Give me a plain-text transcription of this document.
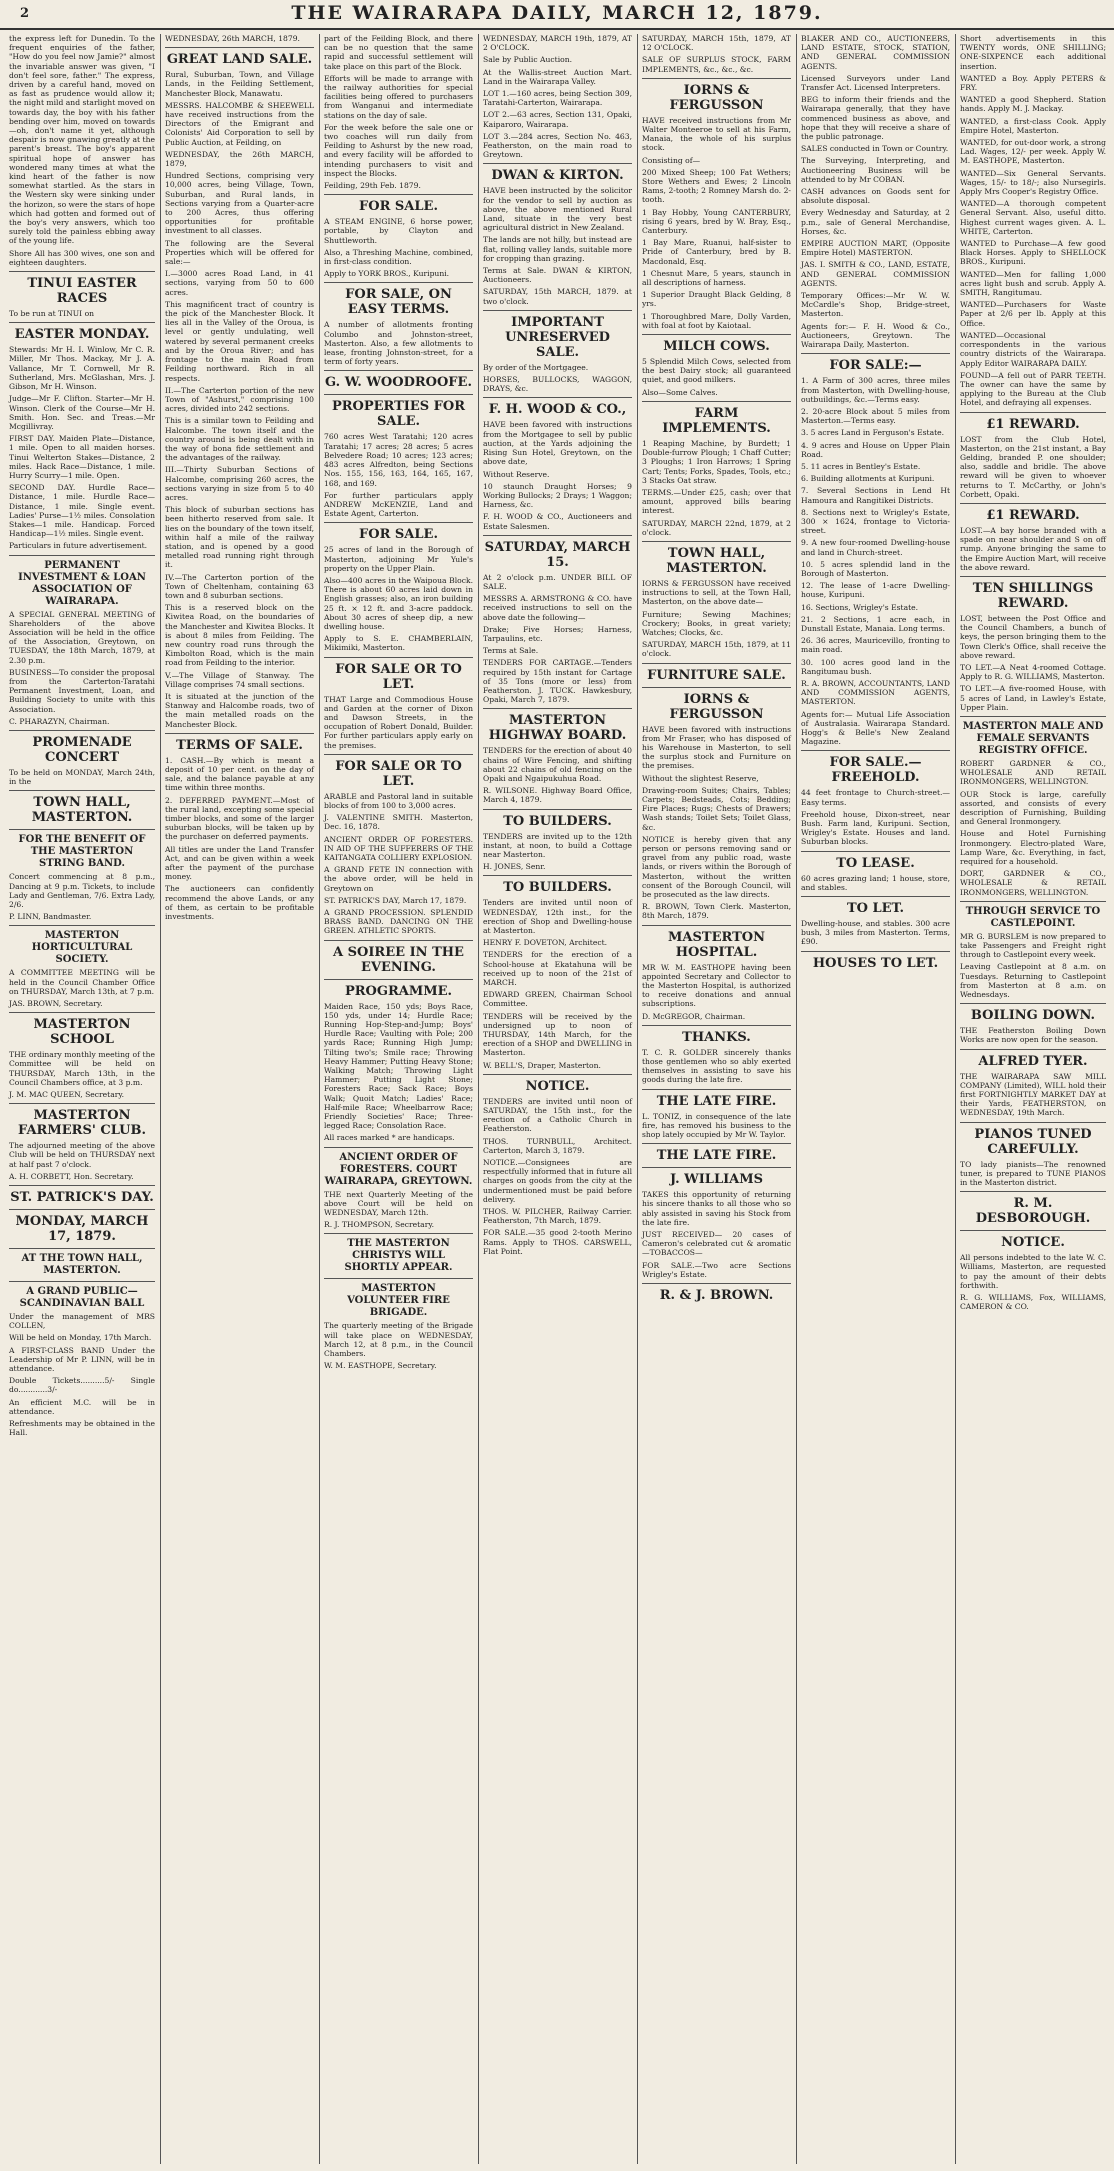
2	THE WAIRARAPA DAILY, MARCH 12, 1879.

the express left for Dunedin. To the frequent enquiries of the father, "How do you feel now Jamie?" almost the invariable answer was given, "I don't feel sore, father." The express, driven by a careful hand, moved on as fast as prudence would allow it; the night mild and starlight moved on towards day, the boy with his father bending over him, moved on towards—oh, don't name it yet, although despair is now gnawing greatly at the parent's breast. The boy's apparent spiritual hope of answer has wondered many times at what the kind heart of the father is now somewhat startled. As the stars in the Western sky were sinking under the horizon, so were the stars of hope which had gotten and formed out of the boy's very answers, which too surely told the painless ebbing away of the young life.

Shore All has 300 wives, one son and eighteen daughters.

TINUI EASTER RACES

To be run at TINUI on

EASTER MONDAY.

Stewards: Mr H. I. Winlow, Mr C. R. Miller, Mr Thos. Mackay, Mr J. A. Vallance, Mr T. Cornwell, Mr R. Sutherland, Mrs. McGlashan, Mrs. J. Gibson, Mr H. Winson.

Judge—Mr F. Clifton. Starter—Mr H. Winson. Clerk of the Course—Mr H. Smith. Hon. Sec. and Treas.—Mr Mcgillivray.

FIRST DAY. Maiden Plate—Distance, 1 mile. Open to all maiden horses. Tinui Welterton Stakes—Distance, 2 miles. Hack Race—Distance, 1 mile. Hurry Scurry—1 mile. Open.

SECOND DAY. Hurdle Race—Distance, 1 mile. Hurdle Race—Distance, 1 mile. Single event. Ladies' Purse—1½ miles. Consolation Stakes—1 mile. Handicap. Forced Handicap—1½ miles. Single event.

Particulars in future advertisement.

PERMANENT INVESTMENT & LOAN ASSOCIATION OF WAIRARAPA.

A SPECIAL GENERAL MEETING of Shareholders of the above Association will be held in the office of the Association, Greytown, on TUESDAY, the 18th March, 1879, at 2.30 p.m.

BUSINESS—To consider the proposal from the Carterton-Taratahi Permanent Investment, Loan, and Building Society to unite with this Association.

C. PHARAZYN, Chairman.

PROMENADE CONCERT

To be held on MONDAY, March 24th, in the

TOWN HALL, MASTERTON.

FOR THE BENEFIT OF THE MASTERTON STRING BAND.

Concert commencing at 8 p.m., Dancing at 9 p.m. Tickets, to include Lady and Gentleman, 7/6. Extra Lady, 2/6.

P. LINN, Bandmaster.

MASTERTON HORTICULTURAL SOCIETY.

A COMMITTEE MEETING will be held in the Council Chamber Office on THURSDAY, March 13th, at 7 p.m.

JAS. BROWN, Secretary.

MASTERTON SCHOOL

THE ordinary monthly meeting of the Committee will be held on THURSDAY, March 13th, in the Council Chambers office, at 3 p.m.

J. M. MAC QUEEN, Secretary.

MASTERTON FARMERS' CLUB.

The adjourned meeting of the above Club will be held on THURSDAY next at half past 7 o'clock.

A. H. CORBETT, Hon. Secretary.

ST. PATRICK'S DAY.

MONDAY, MARCH 17, 1879.

AT THE TOWN HALL, MASTERTON.

A GRAND PUBLIC— SCANDINAVIAN BALL

Under the management of MRS COLLEN,

Will be held on Monday, 17th March.

A FIRST-CLASS BAND Under the Leadership of Mr P. LINN, will be in attendance.

Double Tickets..........5/- Single do............3/-

An efficient M.C. will be in attendance.

Refreshments may be obtained in the Hall.

WEDNESDAY, 26th MARCH, 1879.

GREAT LAND SALE.

Rural, Suburban, Town, and Village Lands, in the Feilding Settlement, Manchester Block, Manawatu.

MESSRS. HALCOMBE & SHEEWELL have received instructions from the Directors of the Emigrant and Colonists' Aid Corporation to sell by Public Auction, at Feilding, on

WEDNESDAY, the 26th MARCH, 1879,

Hundred Sections, comprising very 10,000 acres, being Village, Town, Suburban, and Rural lands, in Sections varying from a Quarter-acre to 200 Acres, thus offering opportunities for profitable investment to all classes.

The following are the Several Properties which will be offered for sale:—

I.—3000 acres Road Land, in 41 sections, varying from 50 to 600 acres.

This magnificent tract of country is the pick of the Manchester Block. It lies all in the Valley of the Oroua, is level or gently undulating, well watered by several permanent creeks and by the Oroua River; and has frontage to the main Road from Feilding northward. Rich in all respects.

II.—The Carterton portion of the new Town of "Ashurst," comprising 100 acres, divided into 242 sections.

This is a similar town to Feilding and Halcombe. The town itself and the country around is being dealt with in the way of bona fide settlement and the advantages of the railway.

III.—Thirty Suburban Sections of Halcombe, comprising 260 acres, the sections varying in size from 5 to 40 acres.

This block of suburban sections has been hitherto reserved from sale. It lies on the boundary of the town itself, within half a mile of the railway station, and is opened by a good metalled road running right through it.

IV.—The Carterton portion of the Town of Cheltenham, containing 63 town and 8 suburban sections.

This is a reserved block on the Kiwitea Road, on the boundaries of the Manchester and Kiwitea Blocks. It is about 8 miles from Feilding. The new country road runs through the Kimbolton Road, which is the main road from Feilding to the interior.

V.—The Village of Stanway. The Village comprises 74 small sections.

It is situated at the junction of the Stanway and Halcombe roads, two of the main metalled roads on the Manchester Block.

TERMS OF SALE.

1. CASH.—By which is meant a deposit of 10 per cent. on the day of sale, and the balance payable at any time within three months.

2. DEFERRED PAYMENT.—Most of the rural land, excepting some special timber blocks, and some of the larger suburban blocks, will be taken up by the purchaser on deferred payments.

All titles are under the Land Transfer Act, and can be given within a week after the payment of the purchase money.

The auctioneers can confidently recommend the above Lands, or any of them, as certain to be profitable investments.

part of the Feilding Block, and there can be no question that the same rapid and successful settlement will take place on this part of the Block.

Efforts will be made to arrange with the railway authorities for special facilities being offered to purchasers from Wanganui and intermediate stations on the day of sale.

For the week before the sale one or two coaches will run daily from Feilding to Ashurst by the new road, and every facility will be afforded to intending purchasers to visit and inspect the Blocks.

Feilding, 29th Feb. 1879.

FOR SALE.

A STEAM ENGINE, 6 horse power, portable, by Clayton and Shuttleworth.

Also, a Threshing Machine, combined, in first-class condition.

Apply to YORK BROS., Kuripuni.

FOR SALE, ON EASY TERMS.

A number of allotments fronting Columbo and Johnston-street, Masterton. Also, a few allotments to lease, fronting Johnston-street, for a term of forty years.

G. W. WOODROOFE.

PROPERTIES FOR SALE.

760 acres West Taratahi; 120 acres Taratahi; 17 acres; 28 acres; 5 acres Belvedere Road; 10 acres; 123 acres; 483 acres Alfredton, being Sections Nos. 155, 156, 163, 164, 165, 167, 168, and 169.

For further particulars apply ANDREW McKENZIE, Land and Estate Agent, Carterton.

FOR SALE.

25 acres of land in the Borough of Masterton, adjoining Mr Yule's property on the Upper Plain.

Also—400 acres in the Waipoua Block. There is about 60 acres laid down in English grasses; also, an iron building 25 ft. × 12 ft. and 3-acre paddock. About 30 acres of sheep dip, a new dwelling house.

Apply to S. E. CHAMBERLAIN, Mikimiki, Masterton.

FOR SALE OR TO LET.

THAT Large and Commodious House and Garden at the corner of Dixon and Dawson Streets, in the occupation of Robert Donald, Builder. For further particulars apply early on the premises.

FOR SALE OR TO LET.

ARABLE and Pastoral land in suitable blocks of from 100 to 3,000 acres.

J. VALENTINE SMITH. Masterton, Dec. 16, 1878.

ANCIENT ORDER OF FORESTERS. IN AID OF THE SUFFERERS OF THE KAITANGATA COLLIERY EXPLOSION.

A GRAND FETE IN connection with the above order, will be held in Greytown on

ST. PATRICK'S DAY, March 17, 1879.

A GRAND PROCESSION. SPLENDID BRASS BAND. DANCING ON THE GREEN. ATHLETIC SPORTS.

A SOIREE IN THE EVENING.

PROGRAMME.

Maiden Race, 150 yds; Boys Race, 150 yds, under 14; Hurdle Race; Running Hop-Step-and-Jump; Boys' Hurdle Race; Vaulting with Pole; 200 yards Race; Running High Jump; Tilting two's; Smile race; Throwing Heavy Hammer; Putting Heavy Stone; Walking Match; Throwing Light Hammer; Putting Light Stone; Foresters Race; Sack Race; Boys Walk; Quoit Match; Ladies' Race; Half-mile Race; Wheelbarrow Race; Friendly Societies' Race; Three-legged Race; Consolation Race.

All races marked * are handicaps.

ANCIENT ORDER OF FORESTERS. COURT WAIRARAPA, GREYTOWN.

THE next Quarterly Meeting of the above Court will be held on WEDNESDAY, March 12th.

R. J. THOMPSON, Secretary.

THE MASTERTON CHRISTYS WILL SHORTLY APPEAR.

MASTERTON VOLUNTEER FIRE BRIGADE.

The quarterly meeting of the Brigade will take place on WEDNESDAY, March 12, at 8 p.m., in the Council Chambers.

W. M. EASTHOPE, Secretary.

WEDNESDAY, MARCH 19th, 1879, AT 2 O'CLOCK.

Sale by Public Auction.

At the Wallis-street Auction Mart. Land in the Wairarapa Valley.

LOT 1.—160 acres, being Section 309, Taratahi-Carterton, Wairarapa.

LOT 2.—63 acres, Section 131, Opaki, Kaiparoro, Wairarapa.

LOT 3.—284 acres, Section No. 463, Featherston, on the main road to Greytown.

DWAN & KIRTON.

HAVE been instructed by the solicitor for the vendor to sell by auction as above, the above mentioned Rural Land, situate in the very best agricultural district in New Zealand.

The lands are not hilly, but instead are flat, rolling valley lands, suitable more for cropping than grazing.

Terms at Sale. DWAN & KIRTON, Auctioneers.

SATURDAY, 15th MARCH, 1879. at two o'clock.

IMPORTANT UNRESERVED SALE.

By order of the Mortgagee.

HORSES, BULLOCKS, WAGGON, DRAYS, &c.

F. H. WOOD & CO.,

HAVE been favored with instructions from the Mortgagee to sell by public auction, at the Yards adjoining the Rising Sun Hotel, Greytown, on the above date,

Without Reserve.

10 staunch Draught Horses; 9 Working Bullocks; 2 Drays; 1 Waggon; Harness, &c.

F. H. WOOD & CO., Auctioneers and Estate Salesmen.

SATURDAY, MARCH 15.

At 2 o'clock p.m. UNDER BILL OF SALE.

MESSRS A. ARMSTRONG & CO. have received instructions to sell on the above date the following—

Drake; Five Horses; Harness, Tarpaulins, etc.

Terms at Sale.

TENDERS FOR CARTAGE.—Tenders required by 15th instant for Cartage of 35 Tons (more or less) from Featherston. J. TUCK. Hawkesbury, Opaki, March 7, 1879.

MASTERTON HIGHWAY BOARD.

TENDERS for the erection of about 40 chains of Wire Fencing, and shifting about 22 chains of old fencing on the Opaki and Ngaipukuhua Road.

R. WILSONE. Highway Board Office, March 4, 1879.

TO BUILDERS.

TENDERS are invited up to the 12th instant, at noon, to build a Cottage near Masterton.

H. JONES, Senr.

TO BUILDERS.

Tenders are invited until noon of WEDNESDAY, 12th inst., for the erection of Shop and Dwelling-house at Masterton.

HENRY F. DOVETON, Architect.

TENDERS for the erection of a School-house at Ekatahuna will be received up to noon of the 21st of MARCH.

EDWARD GREEN, Chairman School Committee.

TENDERS will be received by the undersigned up to noon of THURSDAY, 14th March, for the erection of a SHOP and DWELLING in Masterton.

W. BELL'S, Draper, Masterton.

NOTICE.

TENDERS are invited until noon of SATURDAY, the 15th inst., for the erection of a Catholic Church in Featherston.

THOS. TURNBULL, Architect. Carterton, March 3, 1879.

NOTICE.—Consignees are respectfully informed that in future all charges on goods from the city at the undermentioned must be paid before delivery.

THOS. W. PILCHER, Railway Carrier. Featherston, 7th March, 1879.

FOR SALE.—35 good 2-tooth Merino Rams. Apply to THOS. CARSWELL, Flat Point.

SATURDAY, MARCH 15th, 1879, AT 12 O'CLOCK.

SALE OF SURPLUS STOCK, FARM IMPLEMENTS, &c., &c., &c.

IORNS & FERGUSSON

HAVE received instructions from Mr Walter Monteeroe to sell at his Farm, Manaia, the whole of his surplus stock.

Consisting of—

200 Mixed Sheep; 100 Fat Wethers; Store Wethers and Ewes; 2 Lincoln Rams, 2-tooth; 2 Romney Marsh do. 2-tooth.

1 Bay Hobby, Young CANTERBURY, rising 6 years, bred by W. Bray, Esq., Canterbury.

1 Bay Mare, Ruanui, half-sister to Pride of Canterbury, bred by B. Macdonald, Esq.

1 Chesnut Mare, 5 years, staunch in all descriptions of harness.

1 Superior Draught Black Gelding, 8 yrs.

1 Thoroughbred Mare, Dolly Varden, with foal at foot by Kaiotaal.

MILCH COWS.

5 Splendid Milch Cows, selected from the best Dairy stock; all guaranteed quiet, and good milkers.

Also—Some Calves.

FARM IMPLEMENTS.

1 Reaping Machine, by Burdett; 1 Double-furrow Plough; 1 Chaff Cutter; 3 Ploughs; 1 Iron Harrows; 1 Spring Cart; Tents; Forks, Spades, Tools, etc.; 3 Stacks Oat straw.

TERMS.—Under £25, cash; over that amount, approved bills bearing interest.

SATURDAY, MARCH 22nd, 1879, at 2 o'clock.

TOWN HALL, MASTERTON.

IORNS & FERGUSSON have received instructions to sell, at the Town Hall, Masterton, on the above date—

Furniture; Sewing Machines; Crockery; Books, in great variety; Watches; Clocks, &c.

SATURDAY, MARCH 15th, 1879, at 11 o'clock.

FURNITURE SALE.

IORNS & FERGUSSON

HAVE been favored with instructions from Mr Fraser, who has disposed of his Warehouse in Masterton, to sell the surplus stock and Furniture on the premises.

Without the slightest Reserve,

Drawing-room Suites; Chairs, Tables; Carpets; Bedsteads, Cots; Bedding; Fire Places; Rugs; Chests of Drawers; Wash stands; Toilet Sets; Toilet Glass, &c.

NOTICE is hereby given that any person or persons removing sand or gravel from any public road, waste lands, or rivers within the Borough of Masterton, without the written consent of the Borough Council, will be prosecuted as the law directs.

R. BROWN, Town Clerk. Masterton, 8th March, 1879.

MASTERTON HOSPITAL.

MR W. M. EASTHOPE having been appointed Secretary and Collector to the Masterton Hospital, is authorized to receive donations and annual subscriptions.

D. McGREGOR, Chairman.

THANKS.

T. C. R. GOLDER sincerely thanks those gentlemen who so ably exerted themselves in assisting to save his goods during the late fire.

THE LATE FIRE.

L. TONIZ, in consequence of the late fire, has removed his business to the shop lately occupied by Mr W. Taylor.

THE LATE FIRE.

J. WILLIAMS

TAKES this opportunity of returning his sincere thanks to all those who so ably assisted in saving his Stock from the late fire.

JUST RECEIVED— 20 cases of Cameron's celebrated cut & aromatic —TOBACCOS—

FOR SALE.—Two acre Sections Wrigley's Estate.

R. & J. BROWN.

BLAKER AND CO., AUCTIONEERS, LAND ESTATE, STOCK, STATION, AND GENERAL COMMISSION AGENTS.

Licensed Surveyors under Land Transfer Act. Licensed Interpreters.

BEG to inform their friends and the Wairarapa generally, that they have commenced business as above, and hope that they will receive a share of the public patronage.

SALES conducted in Town or Country.

The Surveying, Interpreting, and Auctioneering Business will be attended to by Mr COBAN.

CASH advances on Goods sent for absolute disposal.

Every Wednesday and Saturday, at 2 p.m., sale of General Merchandise, Horses, &c.

EMPIRE AUCTION MART, (Opposite Empire Hotel) MASTERTON.

JAS. I. SMITH & CO., LAND, ESTATE, AND GENERAL COMMISSION AGENTS.

Temporary Offices:—Mr W. W. McCardle's Shop, Bridge-street, Masterton.

Agents for:— F. H. Wood & Co., Auctioneers, Greytown. The Wairarapa Daily, Masterton.

FOR SALE:—

1. A Farm of 300 acres, three miles from Masterton, with Dwelling-house, outbuildings, &c.—Terms easy.

2. 20-acre Block about 5 miles from Masterton.—Terms easy.

3. 5 acres Land in Ferguson's Estate.

4. 9 acres and House on Upper Plain Road.

5. 11 acres in Bentley's Estate.

6. Building allotments at Kuripuni.

7. Several Sections in Lend Ht Hamoura and Rangitikei Districts.

8. Sections next to Wrigley's Estate, 300 × 1624, frontage to Victoria-street.

9. A new four-roomed Dwelling-house and land in Church-street.

10. 5 acres splendid land in the Borough of Masterton.

12. The lease of 1-acre Dwelling-house, Kuripuni.

16. Sections, Wrigley's Estate.

21. 2 Sections, 1 acre each, in Dunstall Estate, Manaia. Long terms.

26. 36 acres, Mauricevillo, fronting to main road.

30. 100 acres good land in the Rangitumau bush.

R. A. BROWN, ACCOUNTANTS, LAND AND COMMISSION AGENTS, MASTERTON.

Agents for:— Mutual Life Association of Australasia. Wairarapa Standard. Hogg's & Belle's New Zealand Magazine.

FOR SALE.—FREEHOLD.

44 feet frontage to Church-street.—Easy terms.

Freehold house, Dixon-street, near Bush. Farm land, Kuripuni. Section, Wrigley's Estate. Houses and land. Suburban blocks.

TO LEASE.

60 acres grazing land; 1 house, store, and stables.

TO LET.

Dwelling-house, and stables. 300 acre bush, 3 miles from Masterton. Terms, £90.

HOUSES TO LET.

Short advertisements in this TWENTY words, ONE SHILLING; ONE-SIXPENCE each additional insertion.

WANTED a Boy. Apply PETERS & FRY.

WANTED a good Shepherd. Station hands. Apply M. J. Mackay.

WANTED, a first-class Cook. Apply Empire Hotel, Masterton.

WANTED, for out-door work, a strong Lad. Wages, 12/- per week. Apply W. M. EASTHOPE, Masterton.

WANTED—Six General Servants. Wages, 15/- to 18/-; also Nursegirls. Apply Mrs Cooper's Registry Office.

WANTED—A thorough competent General Servant. Also, useful ditto. Highest current wages given. A. L. WHITE, Carterton.

WANTED to Purchase—A few good Black Horses. Apply to SHELLOCK BROS., Kuripuni.

WANTED—Men for falling 1,000 acres light bush and scrub. Apply A. SMITH, Rangitumau.

WANTED—Purchasers for Waste Paper at 2/6 per lb. Apply at this Office.

WANTED—Occasional correspondents in the various country districts of the Wairarapa. Apply Editor WAIRARAPA DAILY.

FOUND—A fell out of PARR TEETH. The owner can have the same by applying to the Bureau at the Club Hotel, and defraying all expenses.

£1 REWARD.

LOST from the Club Hotel, Masterton, on the 21st instant, a Bay Gelding, branded P. one shoulder; also, saddle and bridle. The above reward will be given to whoever returns to T. McCarthy, or John's Corbett, Opaki.

£1 REWARD.

LOST.—A bay horse branded with a spade on near shoulder and S on off rump. Anyone bringing the same to the Empire Auction Mart, will receive the above reward.

TEN SHILLINGS REWARD.

LOST, between the Post Office and the Council Chambers, a bunch of keys, the person bringing them to the Town Clerk's Office, shall receive the above reward.

TO LET.—A Neat 4-roomed Cottage. Apply to R. G. WILLIAMS, Masterton.

TO LET.—A five-roomed House, with 5 acres of Land, in Lawley's Estate, Upper Plain.

MASTERTON MALE AND FEMALE SERVANTS REGISTRY OFFICE.

ROBERT GARDNER & CO., WHOLESALE AND RETAIL IRONMONGERS, WELLINGTON.

OUR Stock is large, carefully assorted, and consists of every description of Furnishing, Building and General Ironmongery.

House and Hotel Furnishing Ironmongery. Electro-plated Ware, Lamp Ware, &c. Everything, in fact, required for a household.

DORT, GARDNER & CO., WHOLESALE & RETAIL IRONMONGERS, WELLINGTON.

THROUGH SERVICE TO CASTLEPOINT.

MR G. BURSLEM is now prepared to take Passengers and Freight right through to Castlepoint every week.

Leaving Castlepoint at 8 a.m. on Tuesdays. Returning to Castlepoint from Masterton at 8 a.m. on Wednesdays.

BOILING DOWN.

THE Featherston Boiling Down Works are now open for the season.

ALFRED TYER.

THE WAIRARAPA SAW MILL COMPANY (Limited), WILL hold their first FORTNIGHTLY MARKET DAY at their Yards, FEATHERSTON, on WEDNESDAY, 19th March.

PIANOS TUNED CAREFULLY.

TO lady pianists—The renowned tuner, is prepared to TUNE PIANOS in the Masterton district.

R. M. DESBOROUGH.

NOTICE.

All persons indebted to the late W. C. Williams, Masterton, are requested to pay the amount of their debts forthwith.

R. G. WILLIAMS, Fox, WILLIAMS, CAMERON & CO.
